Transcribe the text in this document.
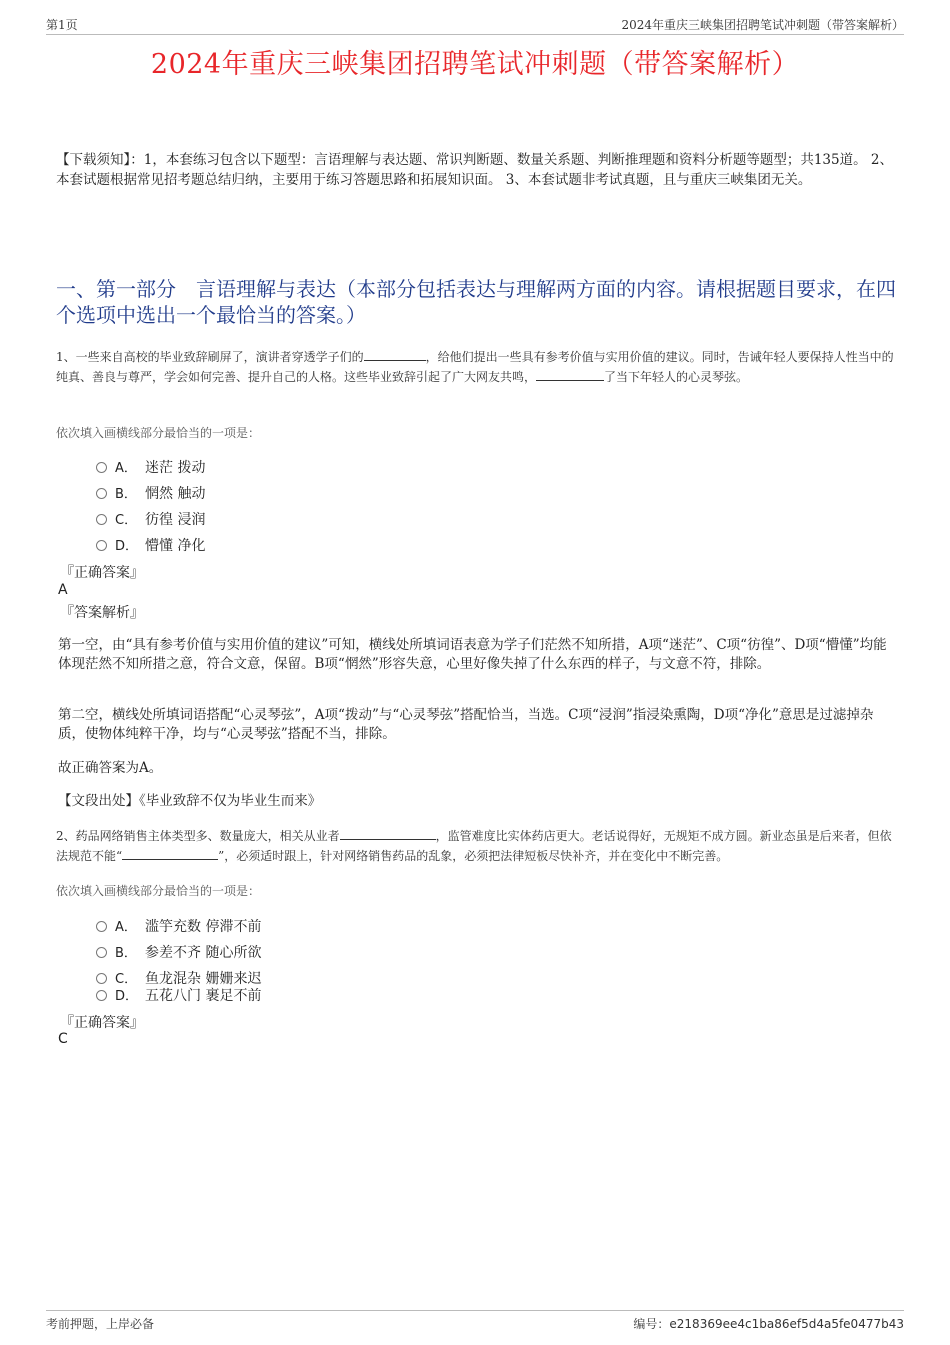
第1页	2024年重庆三峡集团招聘笔试冲刺题（带答案解析）
2024年重庆三峡集团招聘笔试冲刺题（带答案解析）
【下载须知】：1，本套练习包含以下题型：言语理解与表达题、常识判断题、数量关系题、判断推理题和资料分析题等题型；共135道。 2、本套试题根据常见招考题总结归纳，主要用于练习答题思路和拓展知识面。 3、本套试题非考试真题，且与重庆三峡集团无关。
一、第一部分　言语理解与表达（本部分包括表达与理解两方面的内容。请根据题目要求，在四个选项中选出一个最恰当的答案。）
1、一些来自高校的毕业致辞刷屏了，演讲者穿透学子们的	，给他们提出一些具有参考价值与实用价值的建议。同时，告诫年轻人要保持人性当中的纯真、善良与尊严，学会如何完善、提升自己的人格。这些毕业致辞引起了广大网友共鸣，	了当下年轻人的心灵琴弦。
依次填入画横线部分最恰当的一项是：
A． 迷茫 拨动
B． 惘然 触动
C． 彷徨 浸润
D． 懵懂 净化
『正确答案』
A
『答案解析』
第一空，由“具有参考价值与实用价值的建议”可知，横线处所填词语表意为学子们茫然不知所措，A项“迷茫”、C项“彷徨”、D项“懵懂”均能体现茫然不知所措之意，符合文意，保留。B项“惘然”形容失意，心里好像失掉了什么东西的样子，与文意不符，排除。
第二空，横线处所填词语搭配“心灵琴弦”，A项“拨动”与“心灵琴弦”搭配恰当，当选。C项“浸润”指浸染熏陶，D项“净化”意思是过滤掉杂质，使物体纯粹干净，均与“心灵琴弦”搭配不当，排除。
故正确答案为A。
【文段出处】《毕业致辞不仅为毕业生而来》
2、药品网络销售主体类型多、数量庞大，相关从业者	，监管难度比实体药店更大。老话说得好，无规矩不成方圆。新业态虽是后来者，但依法规范不能“	”，必须适时跟上，针对网络销售药品的乱象，必须把法律短板尽快补齐，并在变化中不断完善。
依次填入画横线部分最恰当的一项是：
A． 滥竽充数 停滞不前
B． 参差不齐 随心所欲
C． 鱼龙混杂 姗姗来迟
D． 五花八门 裹足不前
『正确答案』
C
考前押题，上岸必备	编号：e218369ee4c1ba86ef5d4a5fe0477b43
